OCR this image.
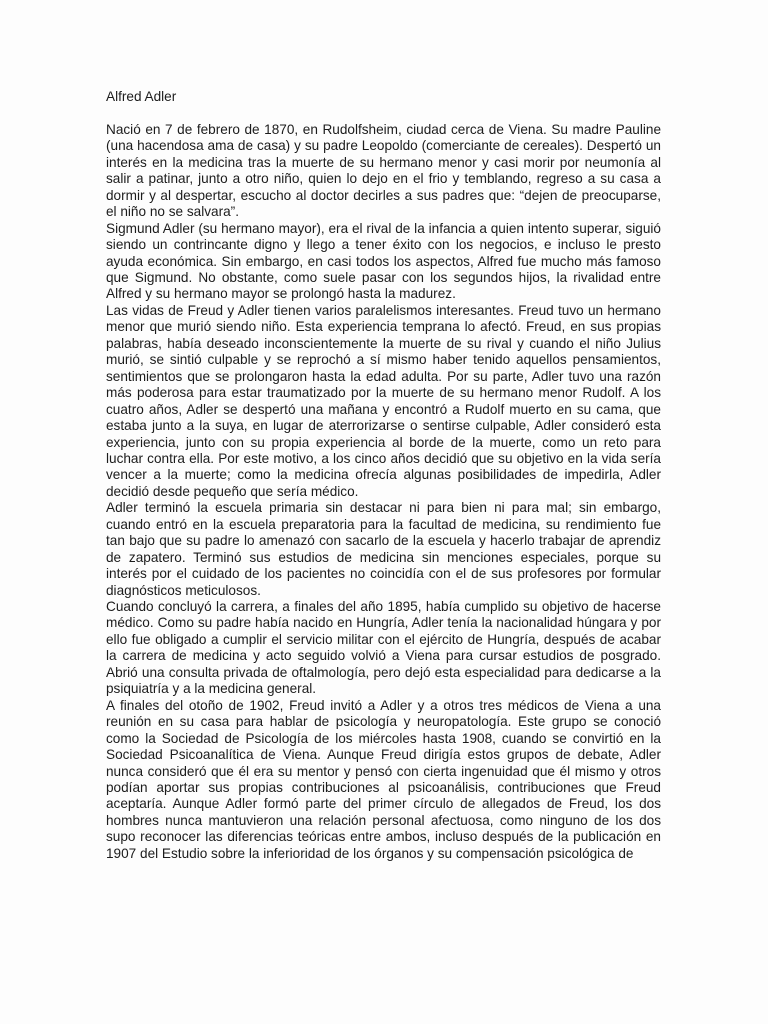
Alfred Adler

Nació en 7 de febrero de 1870, en Rudolfsheim, ciudad cerca de Viena. Su madre Pauline (una hacendosa ama de casa) y su padre Leopoldo (comerciante de cereales). Despertó un interés en la medicina tras la muerte de su hermano menor y casi morir por neumonía al salir a patinar, junto a otro niño, quien lo dejo en el frio y temblando, regreso a su casa a dormir y al despertar, escucho al doctor decirles a sus padres que: “dejen de preocuparse, el niño no se salvara”.

Sigmund Adler (su hermano mayor), era el rival de la infancia a quien intento superar, siguió siendo un contrincante digno y llego a tener éxito con los negocios, e incluso le presto ayuda económica. Sin embargo, en casi todos los aspectos, Alfred fue mucho más famoso que Sigmund. No obstante, como suele pasar con los segundos hijos, la rivalidad entre Alfred y su hermano mayor se prolongó hasta la madurez.

Las vidas de Freud y Adler tienen varios paralelismos interesantes. Freud tuvo un hermano menor que murió siendo niño. Esta experiencia temprana lo afectó. Freud, en sus propias palabras, había deseado inconscientemente la muerte de su rival y cuando el niño Julius murió, se sintió culpable y se reprochó a sí mismo haber tenido aquellos pensamientos, sentimientos que se prolongaron hasta la edad adulta. Por su parte, Adler tuvo una razón más poderosa para estar traumatizado por la muerte de su hermano menor Rudolf. A los cuatro años, Adler se despertó una mañana y encontró a Rudolf muerto en su cama, que estaba junto a la suya, en lugar de aterrorizarse o sentirse culpable, Adler consideró esta experiencia, junto con su propia experiencia al borde de la muerte, como un reto para luchar contra ella. Por este motivo, a los cinco años decidió que su objetivo en la vida sería vencer a la muerte; como la medicina ofrecía algunas posibilidades de impedirla, Adler decidió desde pequeño que sería médico.

Adler terminó la escuela primaria sin destacar ni para bien ni para mal; sin embargo, cuando entró en la escuela preparatoria para la facultad de medicina, su rendimiento fue tan bajo que su padre lo amenazó con sacarlo de la escuela y hacerlo trabajar de aprendiz de zapatero. Terminó sus estudios de medicina sin menciones especiales, porque su interés por el cuidado de los pacientes no coincidía con el de sus profesores por formular diagnósticos meticulosos.

Cuando concluyó la carrera, a finales del año 1895, había cumplido su objetivo de hacerse médico. Como su padre había nacido en Hungría, Adler tenía la nacionalidad húngara y por ello fue obligado a cumplir el servicio militar con el ejército de Hungría, después de acabar la carrera de medicina y acto seguido volvió a Viena para cursar estudios de posgrado. Abrió una consulta privada de oftalmología, pero dejó esta especialidad para dedicarse a la psiquiatría y a la medicina general.

A finales del otoño de 1902, Freud invitó a Adler y a otros tres médicos de Viena a una reunión en su casa para hablar de psicología y neuropatología. Este grupo se conoció como la Sociedad de Psicología de los miércoles hasta 1908, cuando se convirtió en la Sociedad Psicoanalítica de Viena. Aunque Freud dirigía estos grupos de debate, Adler nunca consideró que él era su mentor y pensó con cierta ingenuidad que él mismo y otros podían aportar sus propias contribuciones al psicoanálisis, contribuciones que Freud aceptaría. Aunque Adler formó parte del primer círculo de allegados de Freud, los dos hombres nunca mantuvieron una relación personal afectuosa, como ninguno de los dos supo reconocer las diferencias teóricas entre ambos, incluso después de la publicación en 1907 del Estudio sobre la inferioridad de los órganos y su compensación psicológica de
